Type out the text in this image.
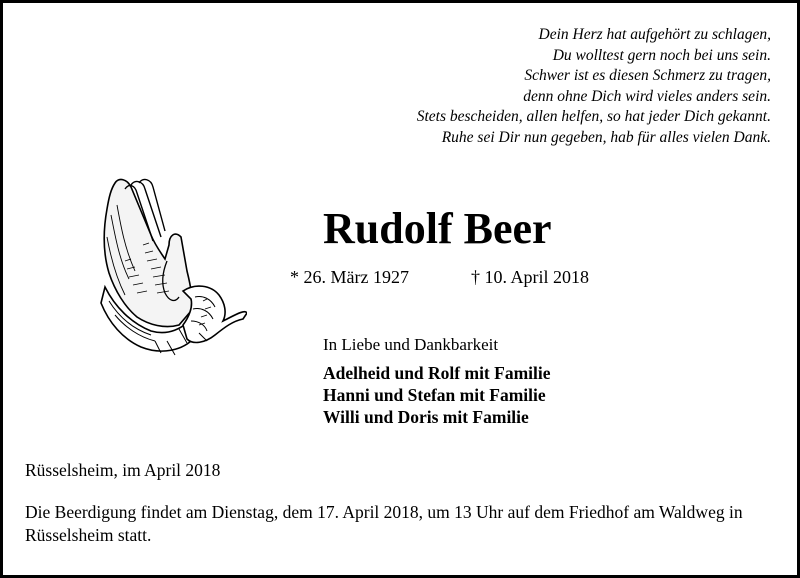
Dein Herz hat aufgehört zu schlagen,
Du wolltest gern noch bei uns sein.
Schwer ist es diesen Schmerz zu tragen,
denn ohne Dich wird vieles anders sein.
Stets bescheiden, allen helfen, so hat jeder Dich gekannt.
Ruhe sei Dir nun gegeben, hab für alles vielen Dank.
Rudolf Beer
* 26. März 1927	† 10. April 2018
In Liebe und Dankbarkeit
Adelheid und Rolf mit Familie
Hanni und Stefan mit Familie
Willi und Doris mit Familie
Rüsselsheim, im April 2018
Die Beerdigung findet am Dienstag, dem 17. April 2018, um 13 Uhr auf dem Friedhof am Waldweg in Rüsselsheim statt.
